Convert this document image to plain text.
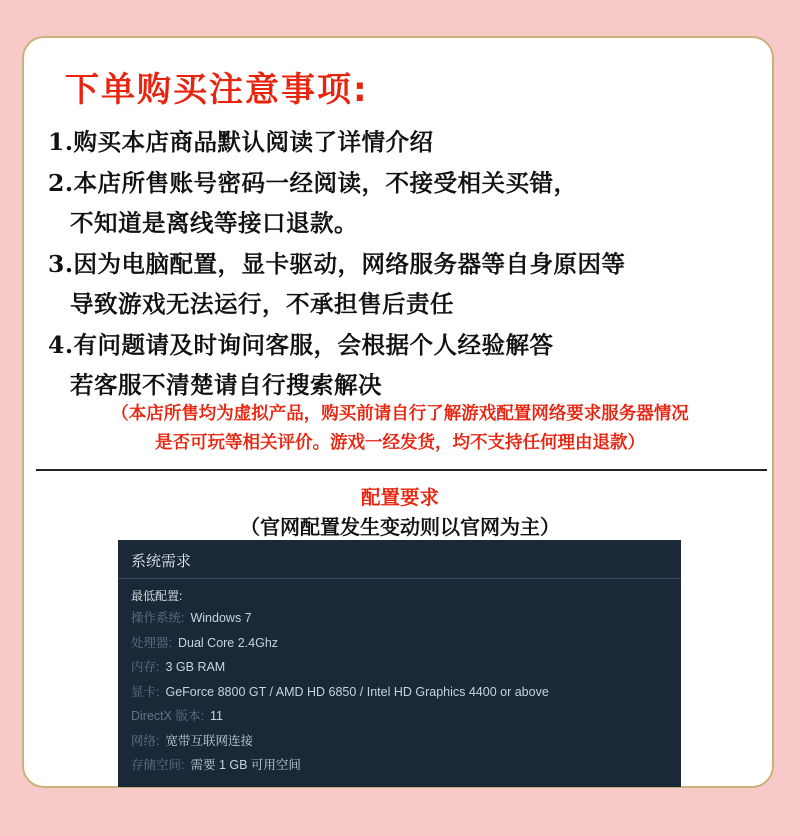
下单购买注意事项:
1.购买本店商品默认阅读了详情介绍
2.本店所售账号密码一经阅读，不接受相关买错，
不知道是离线等接口退款。
3.因为电脑配置，显卡驱动，网络服务器等自身原因等
导致游戏无法运行，不承担售后责任
4.有问题请及时询问客服，会根据个人经验解答
若客服不清楚请自行搜索解决
（本店所售均为虚拟产品，购买前请自行了解游戏配置网络要求服务器情况
是否可玩等相关评价。游戏一经发货，均不支持任何理由退款）
配置要求
（官网配置发生变动则以官网为主）
系统需求
最低配置:
操作系统: Windows 7
处理器: Dual Core 2.4Ghz
内存: 3 GB RAM
显卡: GeForce 8800 GT / AMD HD 6850 / Intel HD Graphics 4400 or above
DirectX 版本: 11
网络: 宽带互联网连接
存储空间: 需要 1 GB 可用空间
